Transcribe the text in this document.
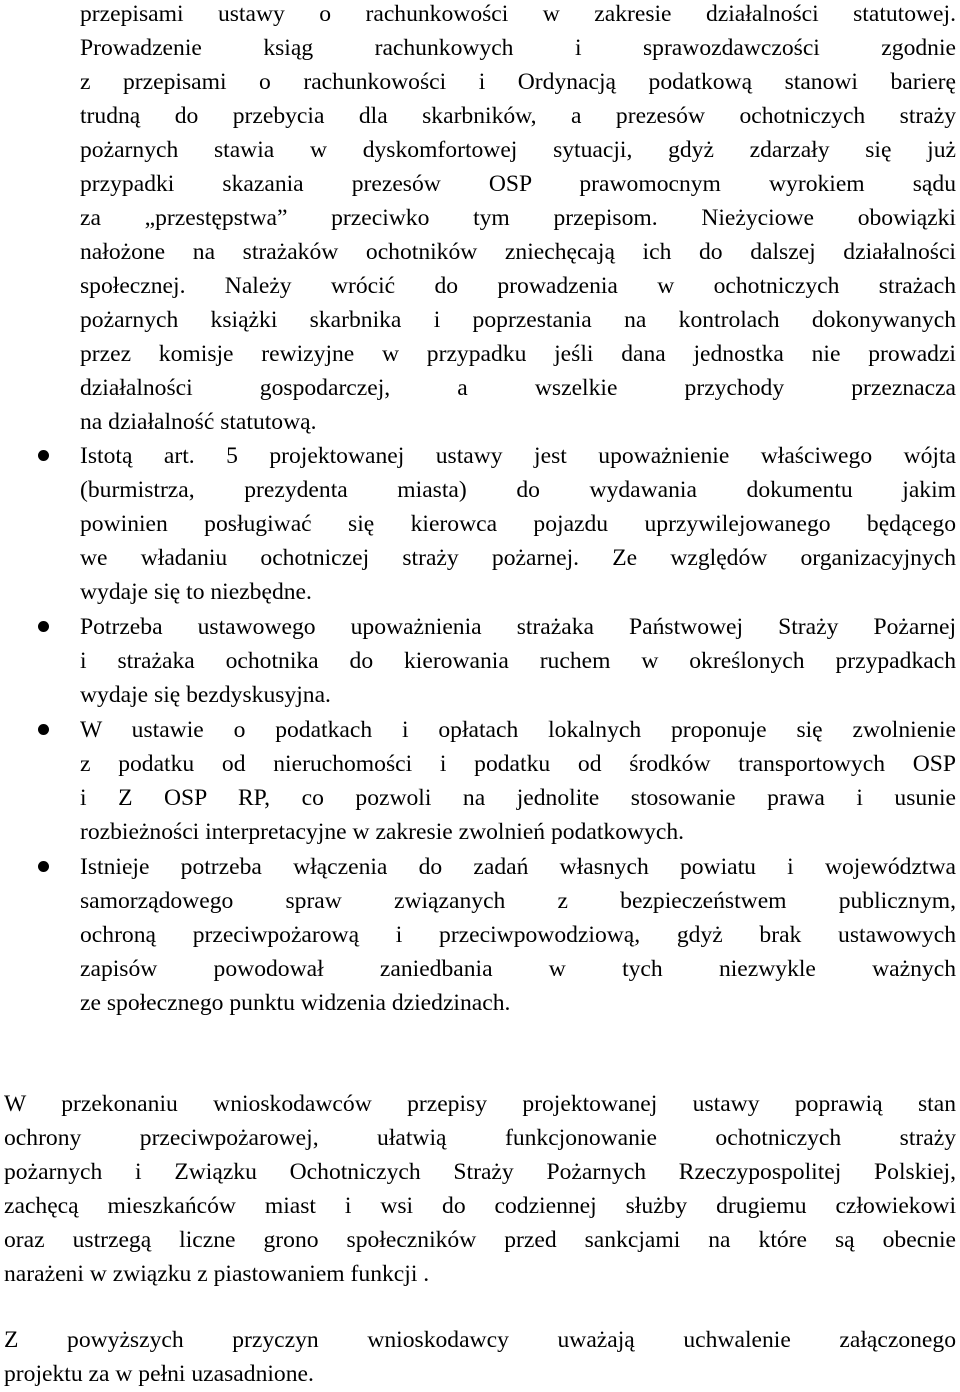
przepisami ustawy o rachunkowości w zakresie działalności statutowej.
Prowadzenie ksiąg rachunkowych i sprawozdawczości zgodnie
z przepisami o rachunkowości i Ordynacją podatkową stanowi barierę
trudną do przebycia dla skarbników, a prezesów ochotniczych straży
pożarnych stawia w dyskomfortowej sytuacji, gdyż zdarzały się już
przypadki skazania prezesów OSP prawomocnym wyrokiem sądu
za „przestępstwa” przeciwko tym przepisom. Nieżyciowe obowiązki
nałożone na strażaków ochotników zniechęcają ich do dalszej działalności
społecznej. Należy wrócić do prowadzenia w ochotniczych strażach
pożarnych książki skarbnika i poprzestania na kontrolach dokonywanych
przez komisje rewizyjne w przypadku jeśli dana jednostka nie prowadzi
działalności gospodarczej, a wszelkie przychody przeznacza
na działalność statutową.
Istotą art. 5 projektowanej ustawy jest upoważnienie właściwego wójta
(burmistrza, prezydenta miasta) do wydawania dokumentu jakim
powinien posługiwać się kierowca pojazdu uprzywilejowanego będącego
we władaniu ochotniczej straży pożarnej. Ze względów organizacyjnych
wydaje się to niezbędne.
Potrzeba ustawowego upoważnienia strażaka Państwowej Straży Pożarnej
i strażaka ochotnika do kierowania ruchem w określonych przypadkach
wydaje się bezdyskusyjna.
W ustawie o podatkach i opłatach lokalnych proponuje się zwolnienie
z podatku od nieruchomości i podatku od środków transportowych OSP
i Z OSP RP, co pozwoli na jednolite stosowanie prawa i usunie
rozbieżności interpretacyjne w zakresie zwolnień podatkowych.
Istnieje potrzeba włączenia do zadań własnych powiatu i województwa
samorządowego spraw związanych z bezpieczeństwem publicznym,
ochroną przeciwpożarową i przeciwpowodziową, gdyż brak ustawowych
zapisów powodował zaniedbania w tych niezwykle ważnych
ze społecznego punktu widzenia dziedzinach.
W przekonaniu wnioskodawców przepisy projektowanej ustawy poprawią stan
ochrony przeciwpożarowej, ułatwią funkcjonowanie ochotniczych straży
pożarnych i Związku Ochotniczych Straży Pożarnych Rzeczypospolitej Polskiej,
zachęcą mieszkańców miast i wsi do codziennej służby drugiemu człowiekowi
oraz ustrzegą liczne grono społeczników przed sankcjami na które są obecnie
narażeni w związku z piastowaniem funkcji .
Z powyższych przyczyn wnioskodawcy uważają uchwalenie załączonego
projektu za w pełni uzasadnione.
